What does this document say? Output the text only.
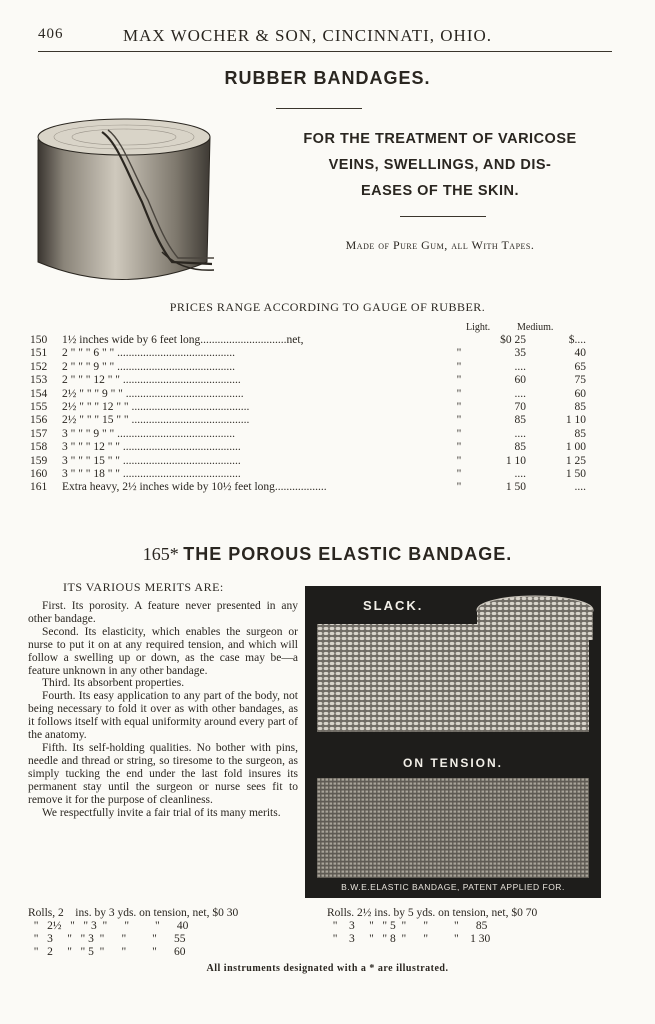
406	MAX WOCHER & SON, CINCINNATI, OHIO.
RUBBER BANDAGES.
FOR THE TREATMENT OF VARICOSE
VEINS, SWELLINGS, AND DIS-
EASES OF THE SKIN.
Made of Pure Gum, all With Tapes.
PRICES RANGE ACCORDING TO GAUGE OF RUBBER.
Light.	Medium.
150	1½ inches wide by 6 feet long..............................net,		$0 25	$....
151	2 " " " 6 " " .........................................	"	35	40
152	2 " " " 9 " " .........................................	"	....	65
153	2 " " " 12 " " .........................................	"	60	75
154	2½ " " " 9 " " .........................................	"	....	60
155	2½ " " " 12 " " .........................................	"	70	85
156	2½ " " " 15 " " .........................................	"	85	1 10
157	3 " " " 9 " " .........................................	"	....	85
158	3 " " " 12 " " .........................................	"	85	1 00
159	3 " " " 15 " " .........................................	"	1 10	1 25
160	3 " " " 18 " " .........................................	"	....	1 50
161	Extra heavy, 2½ inches wide by 10½ feet long..................	"	1 50	....
165* THE POROUS ELASTIC BANDAGE.
ITS VARIOUS MERITS ARE:

First. Its porosity. A feature never presented in any other bandage.

Second. Its elasticity, which enables the surgeon or nurse to put it on at any required tension, and which will follow a swelling up or down, as the case may be—a feature unknown in any other bandage.

Third. Its absorbent properties.

Fourth. Its easy application to any part of the body, not being necessary to fold it over as with other bandages, as it follows itself with equal uniformity around every part of the anatomy.

Fifth. Its self-holding qualities. No bother with pins, needle and thread or string, so tiresome to the surgeon, as simply tucking the end under the last fold insures its permanent stay until the surgeon or nurse sees fit to remove it for the purpose of cleanliness.

We respectfully invite a fair trial of its many merits.

SLACK.
ON TENSION.
B.W.E.ELASTIC BANDAGE, PATENT APPLIED FOR.
Rolls, 2    ins. by 3 yds. on tension, net, $0 30
"   2½   "   " 3  "      "         "      40
"   3     "   " 3  "      "         "      55
"   2     "   " 5  "      "         "      60
Rolls. 2½ ins. by 5 yds. on tension, net, $0 70
"    3     "   " 5  "      "         "      85
"    3     "   " 8  "      "         "    1 30
All instruments designated with a * are illustrated.
